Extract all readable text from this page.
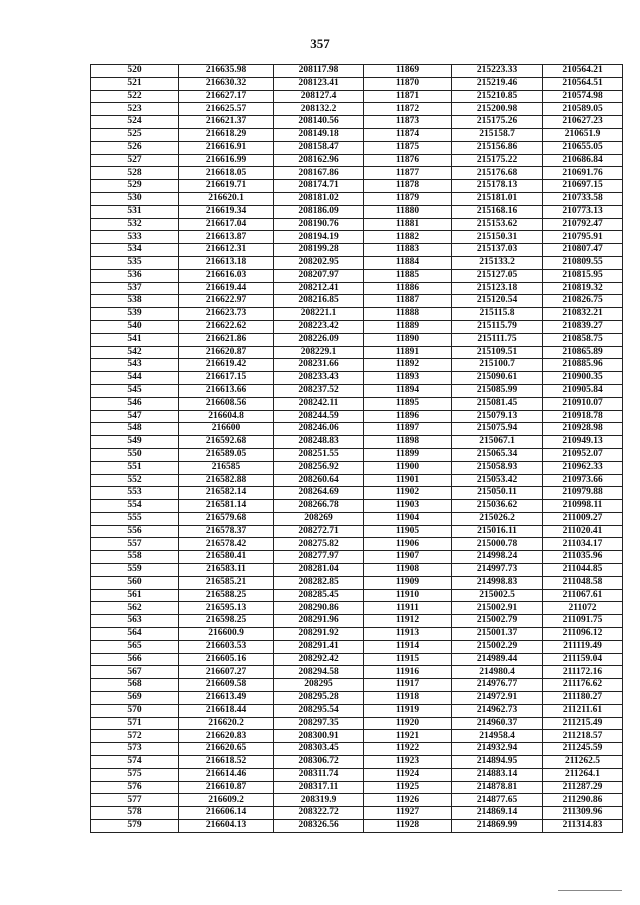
357
520	216635.98	208117.98	11869	215223.33	210564.21
521	216630.32	208123.41	11870	215219.46	210564.51
522	216627.17	208127.4	11871	215210.85	210574.98
523	216625.57	208132.2	11872	215200.98	210589.05
524	216621.37	208140.56	11873	215175.26	210627.23
525	216618.29	208149.18	11874	215158.7	210651.9
526	216616.91	208158.47	11875	215156.86	210655.05
527	216616.99	208162.96	11876	215175.22	210686.84
528	216618.05	208167.86	11877	215176.68	210691.76
529	216619.71	208174.71	11878	215178.13	210697.15
530	216620.1	208181.02	11879	215181.01	210733.58
531	216619.34	208186.09	11880	215168.16	210773.13
532	216617.04	208190.76	11881	215153.62	210792.47
533	216613.87	208194.19	11882	215150.31	210795.91
534	216612.31	208199.28	11883	215137.03	210807.47
535	216613.18	208202.95	11884	215133.2	210809.55
536	216616.03	208207.97	11885	215127.05	210815.95
537	216619.44	208212.41	11886	215123.18	210819.32
538	216622.97	208216.85	11887	215120.54	210826.75
539	216623.73	208221.1	11888	215115.8	210832.21
540	216622.62	208223.42	11889	215115.79	210839.27
541	216621.86	208226.09	11890	215111.75	210858.75
542	216620.87	208229.1	11891	215109.51	210865.89
543	216619.42	208231.66	11892	215100.7	210885.96
544	216617.15	208233.43	11893	215090.61	210900.35
545	216613.66	208237.52	11894	215085.99	210905.84
546	216608.56	208242.11	11895	215081.45	210910.07
547	216604.8	208244.59	11896	215079.13	210918.78
548	216600	208246.06	11897	215075.94	210928.98
549	216592.68	208248.83	11898	215067.1	210949.13
550	216589.05	208251.55	11899	215065.34	210952.07
551	216585	208256.92	11900	215058.93	210962.33
552	216582.88	208260.64	11901	215053.42	210973.66
553	216582.14	208264.69	11902	215050.11	210979.88
554	216581.14	208266.78	11903	215036.62	210998.11
555	216579.68	208269	11904	215026.2	211009.27
556	216578.37	208272.71	11905	215016.11	211020.41
557	216578.42	208275.82	11906	215000.78	211034.17
558	216580.41	208277.97	11907	214998.24	211035.96
559	216583.11	208281.04	11908	214997.73	211044.85
560	216585.21	208282.85	11909	214998.83	211048.58
561	216588.25	208285.45	11910	215002.5	211067.61
562	216595.13	208290.86	11911	215002.91	211072
563	216598.25	208291.96	11912	215002.79	211091.75
564	216600.9	208291.92	11913	215001.37	211096.12
565	216603.53	208291.41	11914	215002.29	211119.49
566	216605.16	208292.42	11915	214989.44	211159.04
567	216607.27	208294.58	11916	214980.4	211172.16
568	216609.58	208295	11917	214976.77	211176.62
569	216613.49	208295.28	11918	214972.91	211180.27
570	216618.44	208295.54	11919	214962.73	211211.61
571	216620.2	208297.35	11920	214960.37	211215.49
572	216620.83	208300.91	11921	214958.4	211218.57
573	216620.65	208303.45	11922	214932.94	211245.59
574	216618.52	208306.72	11923	214894.95	211262.5
575	216614.46	208311.74	11924	214883.14	211264.1
576	216610.87	208317.11	11925	214878.81	211287.29
577	216609.2	208319.9	11926	214877.65	211290.86
578	216606.14	208322.72	11927	214869.14	211309.96
579	216604.13	208326.56	11928	214869.99	211314.83
